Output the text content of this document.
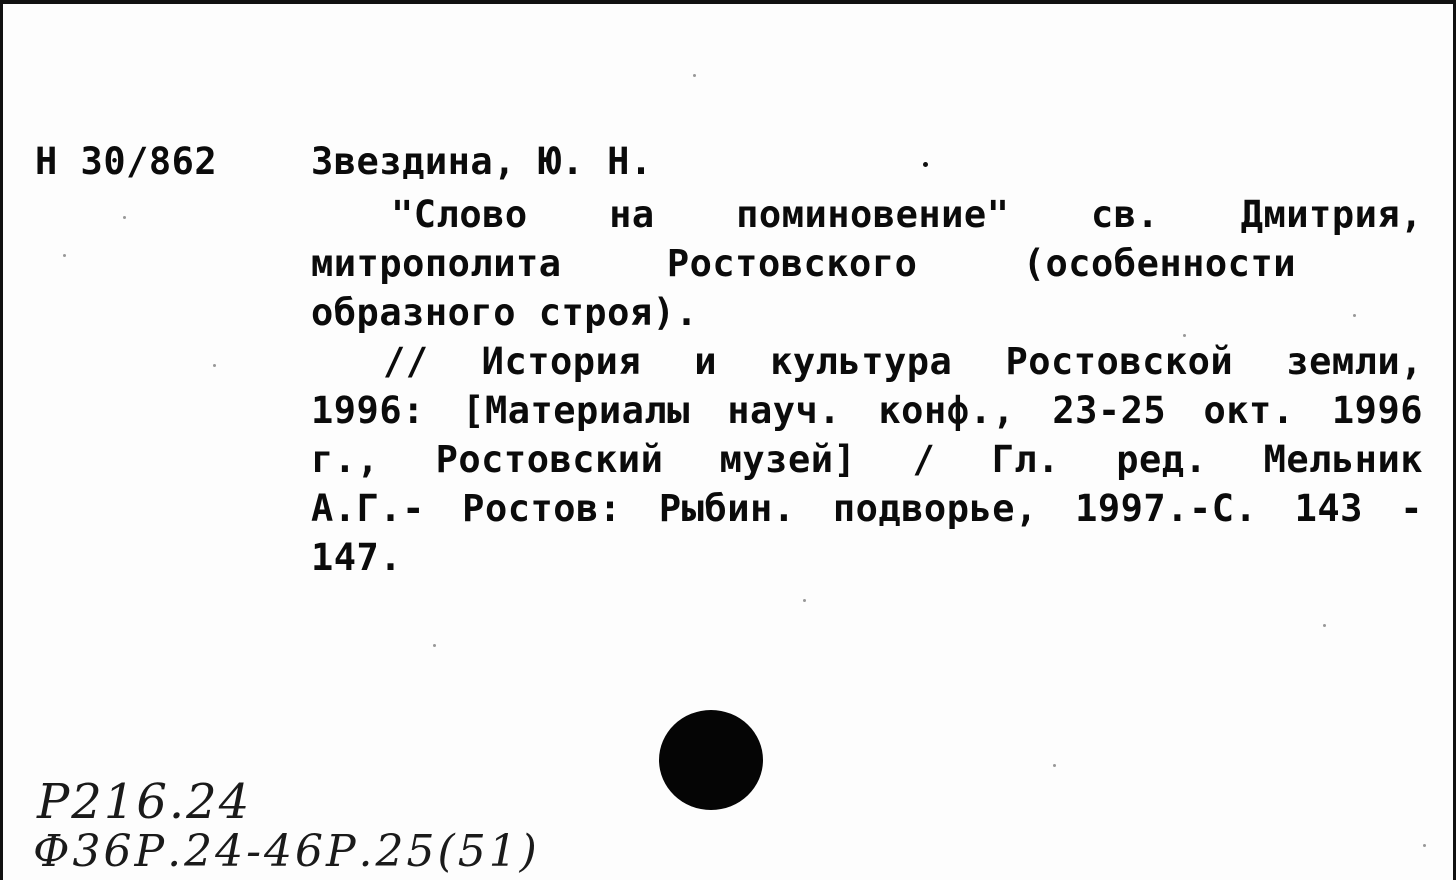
Н 30/862	Звездина, Ю. Н.
"Слово на поминовение" св. Дмитрия,
митрополита	Ростовского	(особенности
образного строя).
// История и культура Ростовской земли,
1996: [Материалы науч. конф., 23-25 окт. 1996
г., Ростовский музей] / Гл. ред. Мельник
А.Г.- Ростов: Рыбин. подворье, 1997.-С. 143 -
147.
Р216.24
Ф36Р.24-46Р.25(51)
